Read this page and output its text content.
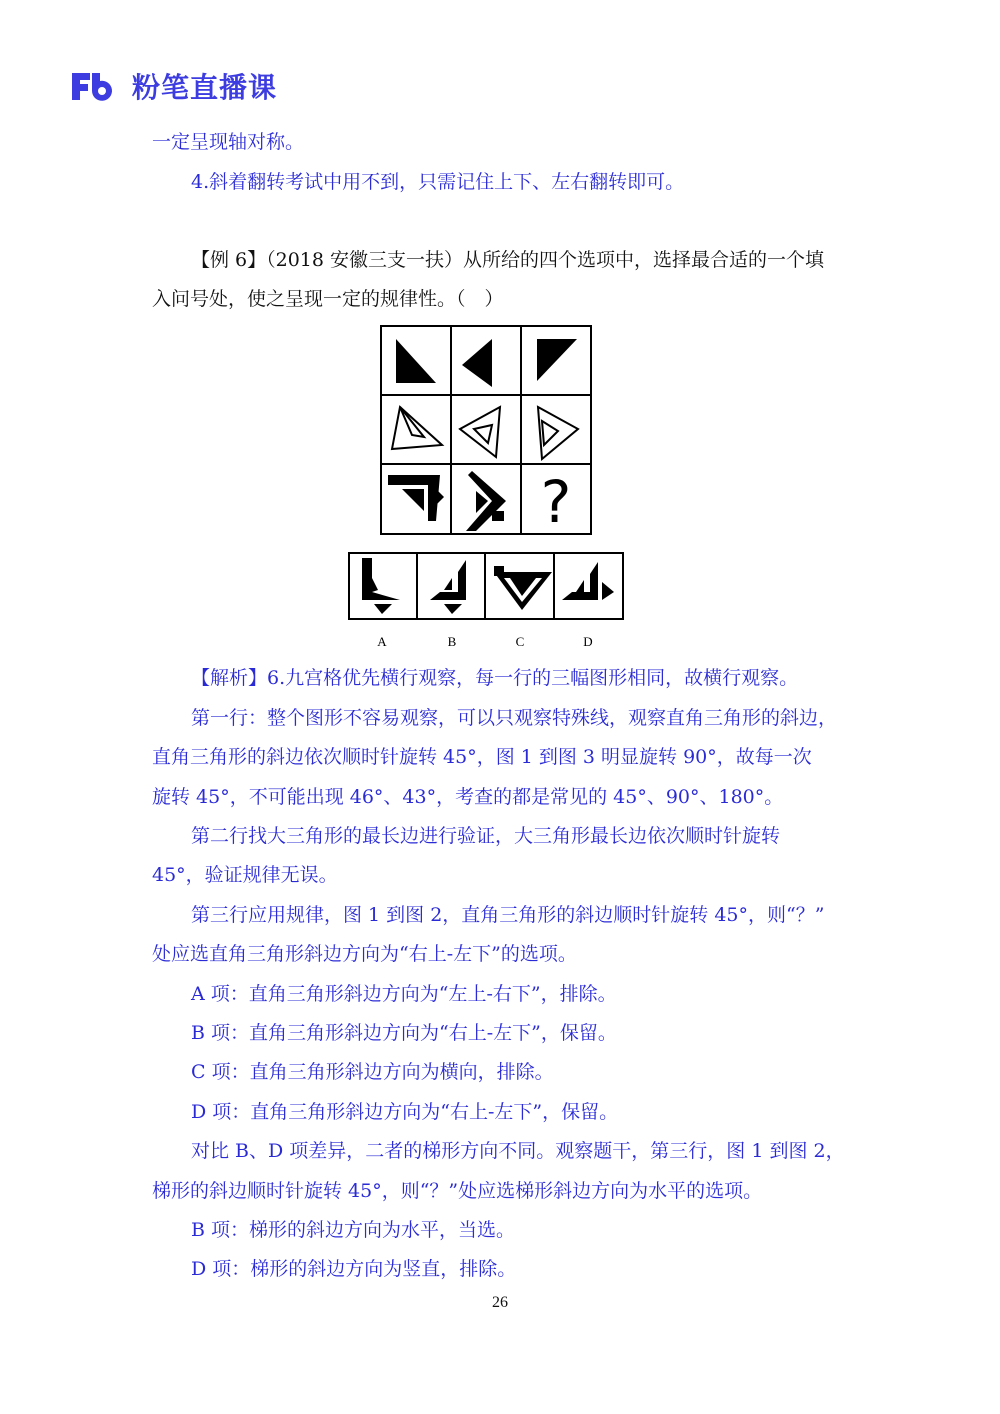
粉笔直播课
一定呈现轴对称。
4.斜着翻转考试中用不到，只需记住上下、左右翻转即可。
【例 6】（2018 安徽三支一扶）从所给的四个选项中，选择最合适的一个填
入问号处，使之呈现一定的规律性。（　）
?
A	B	C	D
【解析】6.九宫格优先横行观察，每一行的三幅图形相同，故横行观察。
第一行：整个图形不容易观察，可以只观察特殊线，观察直角三角形的斜边，
直角三角形的斜边依次顺时针旋转 45°，图 1 到图 3 明显旋转 90°，故每一次
旋转 45°，不可能出现 46°、43°，考查的都是常见的 45°、90°、180°。
第二行找大三角形的最长边进行验证，大三角形最长边依次顺时针旋转
45°，验证规律无误。
第三行应用规律，图 1 到图 2，直角三角形的斜边顺时针旋转 45°，则“？”
处应选直角三角形斜边方向为“右上-左下”的选项。
A 项：直角三角形斜边方向为“左上-右下”，排除。
B 项：直角三角形斜边方向为“右上-左下”，保留。
C 项：直角三角形斜边方向为横向，排除。
D 项：直角三角形斜边方向为“右上-左下”，保留。
对比 B、D 项差异，二者的梯形方向不同。观察题干，第三行，图 1 到图 2，
梯形的斜边顺时针旋转 45°，则“？”处应选梯形斜边方向为水平的选项。
B 项：梯形的斜边方向为水平，当选。
D 项：梯形的斜边方向为竖直，排除。
26
